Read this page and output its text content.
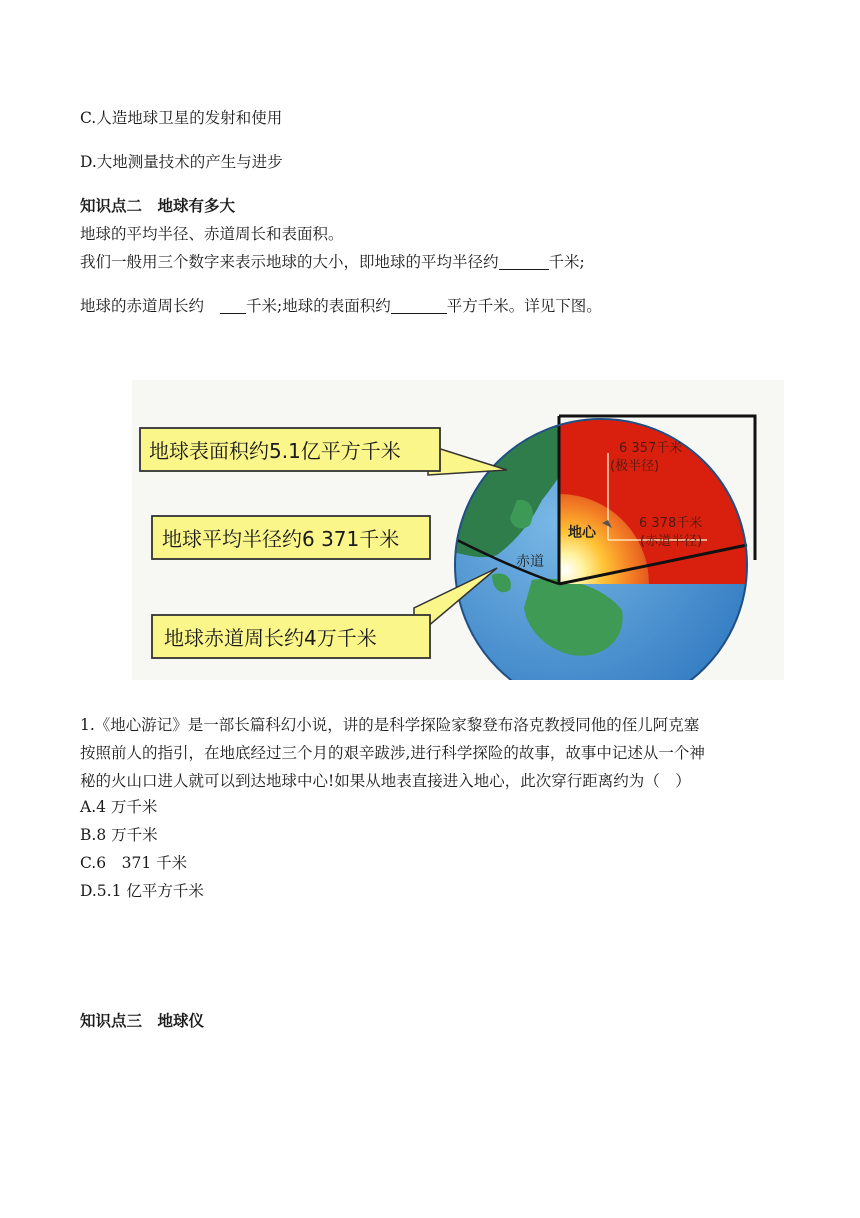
C.人造地球卫星的发射和使用
D.大地测量技术的产生与进步
知识点二　地球有多大
地球的平均半径、赤道周长和表面积。
我们一般用三个数字来表示地球的大小，即地球的平均半径约	千米;
地球的赤道周长约	千米;地球的表面积约	平方千米。详见下图。
6 357千米
(极半径)
6 378千米
(赤道半径)
地心
赤道
地球表面积约5.1亿平方千米
地球平均半径约6 371千米
地球赤道周长约4万千米
1.《地心游记》是一部长篇科幻小说，讲的是科学探险家黎登布洛克教授同他的侄儿阿克塞
按照前人的指引，在地底经过三个月的艰辛跋涉,进行科学探险的故事，故事中记述从一个神
秘的火山口进人就可以到达地球中心!如果从地表直接进入地心，此次穿行距离约为（　）
A.4 万千米
B.8 万千米
C.6　371 千米
D.5.1 亿平方千米
知识点三　地球仪
